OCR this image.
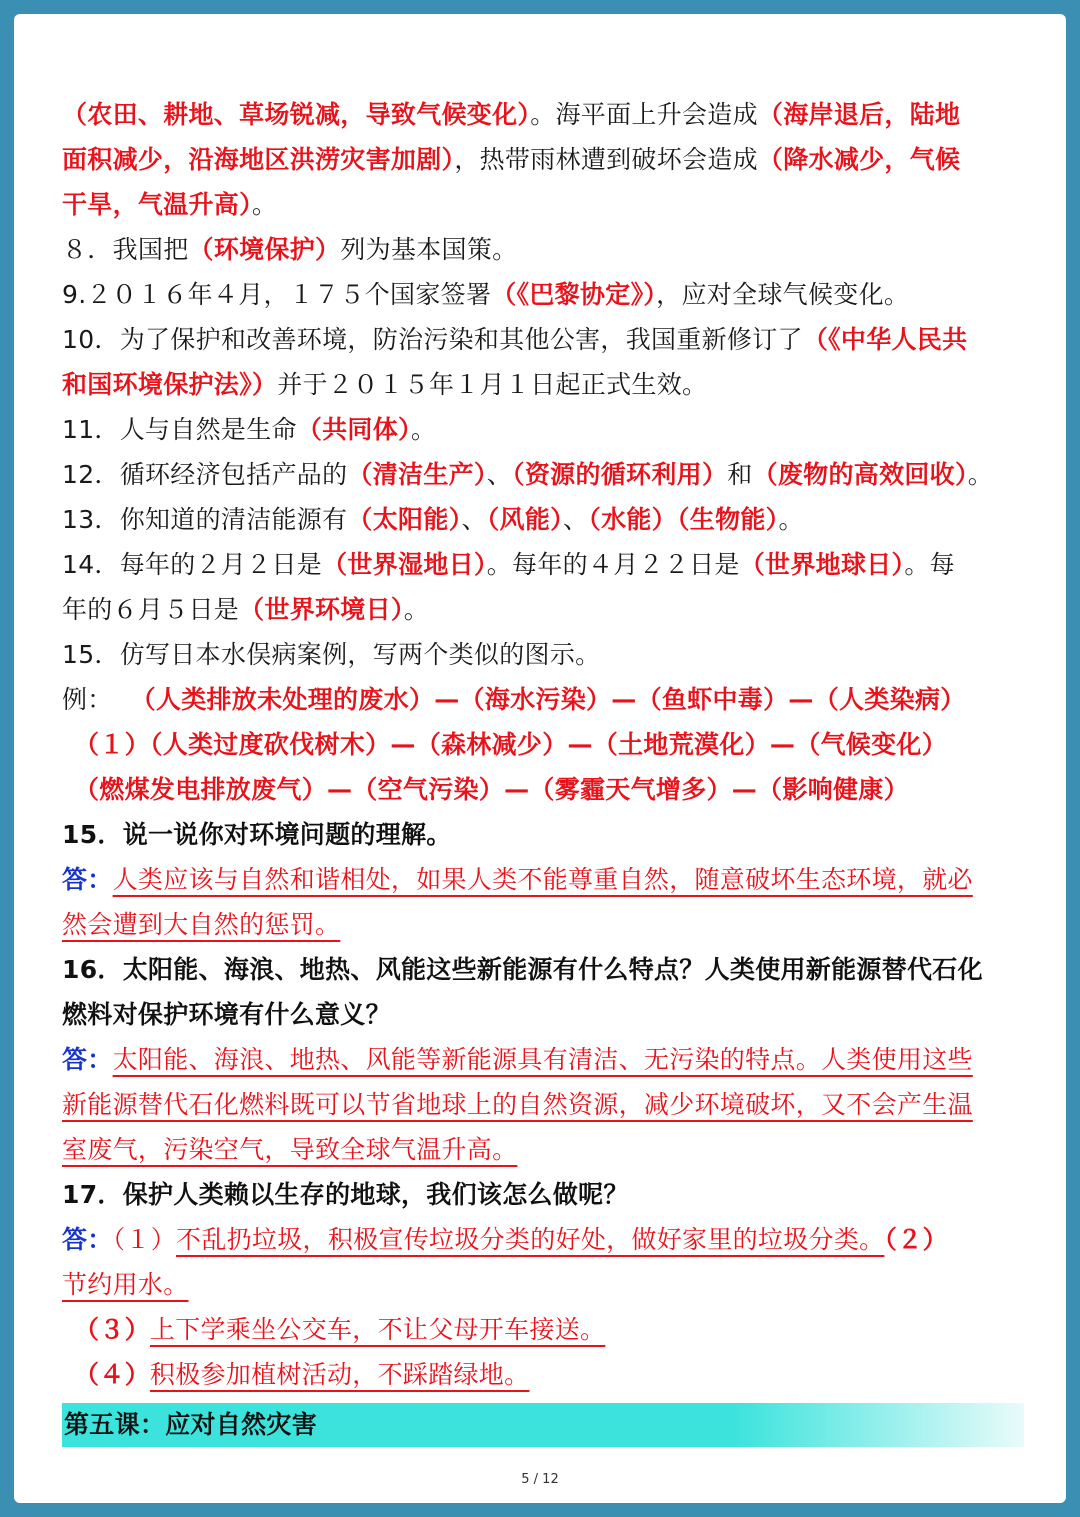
（农田、耕地、草场锐减，导致气候变化）。海平面上升会造成（海岸退后，陆地
面积减少，沿海地区洪涝灾害加剧），热带雨林遭到破坏会造成（降水减少，气候
干旱，气温升高）。
８．我国把（环境保护）列为基本国策。
9.２０１６年４月，１７５个国家签署（《巴黎协定》），应对全球气候变化。
10．为了保护和改善环境，防治污染和其他公害，我国重新修订了（《中华人民共
和国环境保护法》）并于２０１５年１月１日起正式生效。
11．人与自然是生命（共同体）。
12．循环经济包括产品的（清洁生产）、（资源的循环利用）和（废物的高效回收）。
13．你知道的清洁能源有（太阳能）、（风能）、（水能）（生物能）。
14．每年的２月２日是（世界湿地日）。每年的４月２２日是（世界地球日）。每
年的６月５日是（世界环境日）。
15．仿写日本水俣病案例，写两个类似的图示。
例： （人类排放未处理的废水）—（海水污染）—（鱼虾中毒）—（人类染病）
（１）（人类过度砍伐树木）—（森林减少）—（土地荒漠化）—（气候变化）
（燃煤发电排放废气）—（空气污染）—（雾霾天气增多）—（影响健康）
15．说一说你对环境问题的理解。
答：人类应该与自然和谐相处，如果人类不能尊重自然，随意破坏生态环境，就必
然会遭到大自然的惩罚。
16．太阳能、海浪、地热、风能这些新能源有什么特点？人类使用新能源替代石化
燃料对保护环境有什么意义？
答：太阳能、海浪、地热、风能等新能源具有清洁、无污染的特点。人类使用这些
新能源替代石化燃料既可以节省地球上的自然资源，减少环境破坏，又不会产生温
室废气，污染空气，导致全球气温升高。
17．保护人类赖以生存的地球，我们该怎么做呢？
答：（１）不乱扔垃圾，积极宣传垃圾分类的好处，做好家里的垃圾分类。（２）
节约用水。
（３）上下学乘坐公交车，不让父母开车接送。
（４）积极参加植树活动，不踩踏绿地。
第五课：应对自然灾害
5 / 12
